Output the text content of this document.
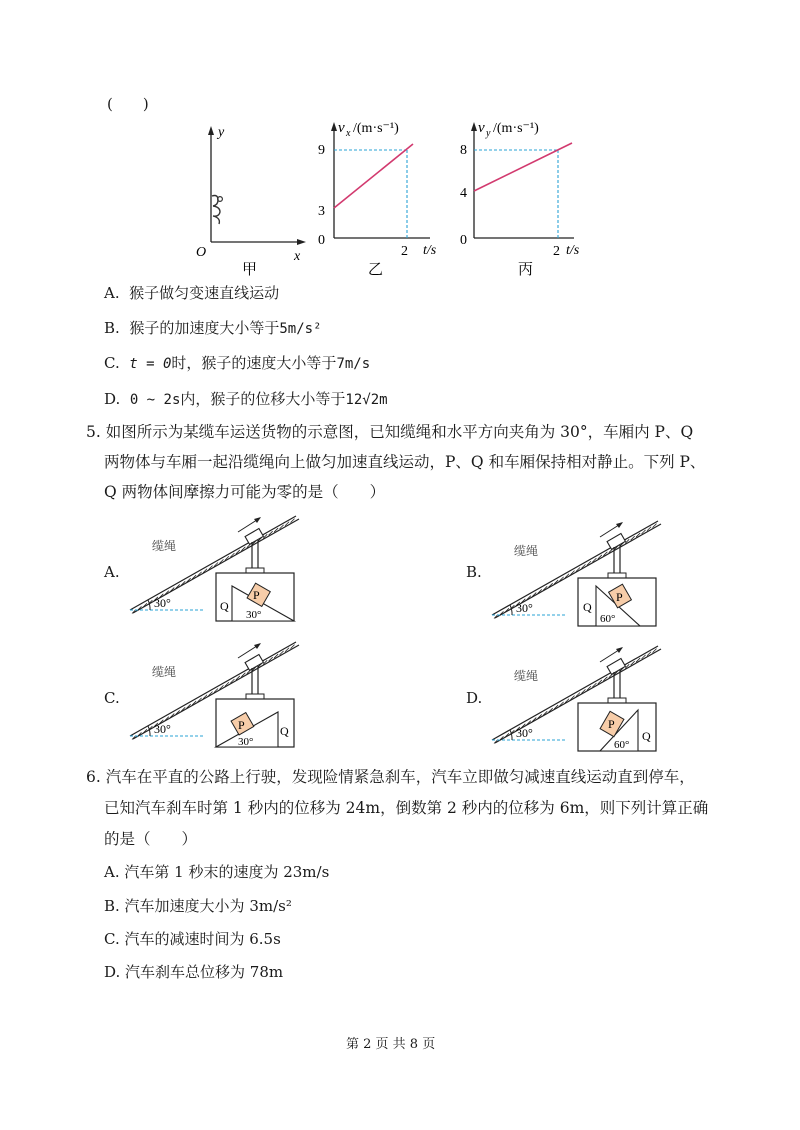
(　　)
y
x
O
甲
v x /(m·s⁻¹)
t/s
9
3
0
2
乙
v y /(m·s⁻¹)
t/s
8
4
0
2
丙
A. 猴子做匀变速直线运动
B. 猴子的加速度大小等于5m/s²
C. t = 0时，猴子的速度大小等于7m/s
D. 0 ~ 2s内，猴子的位移大小等于12√2m
5. 如图所示为某缆车运送货物的示意图，已知缆绳和水平方向夹角为 30°，车厢内 P、Q
两物体与车厢一起沿缆绳向上做匀加速直线运动，P、Q 和车厢保持相对静止。下列 P、
Q 两物体间摩擦力可能为零的是（　　）
A.	B.
C.	D.
30°
缆绳
P
Q
30°	30°
缆绳
P
Q
60°
30°
缆绳
P	Q
30°
30°
缆绳
P
Q
60°
6. 汽车在平直的公路上行驶，发现险情紧急刹车，汽车立即做匀减速直线运动直到停车，
已知汽车刹车时第 1 秒内的位移为 24m，倒数第 2 秒内的位移为 6m，则下列计算正确
的是（　　）
A. 汽车第 1 秒末的速度为 23m/s
B. 汽车加速度大小为 3m/s²
C. 汽车的减速时间为 6.5s
D. 汽车刹车总位移为 78m
第 2 页 共 8 页
